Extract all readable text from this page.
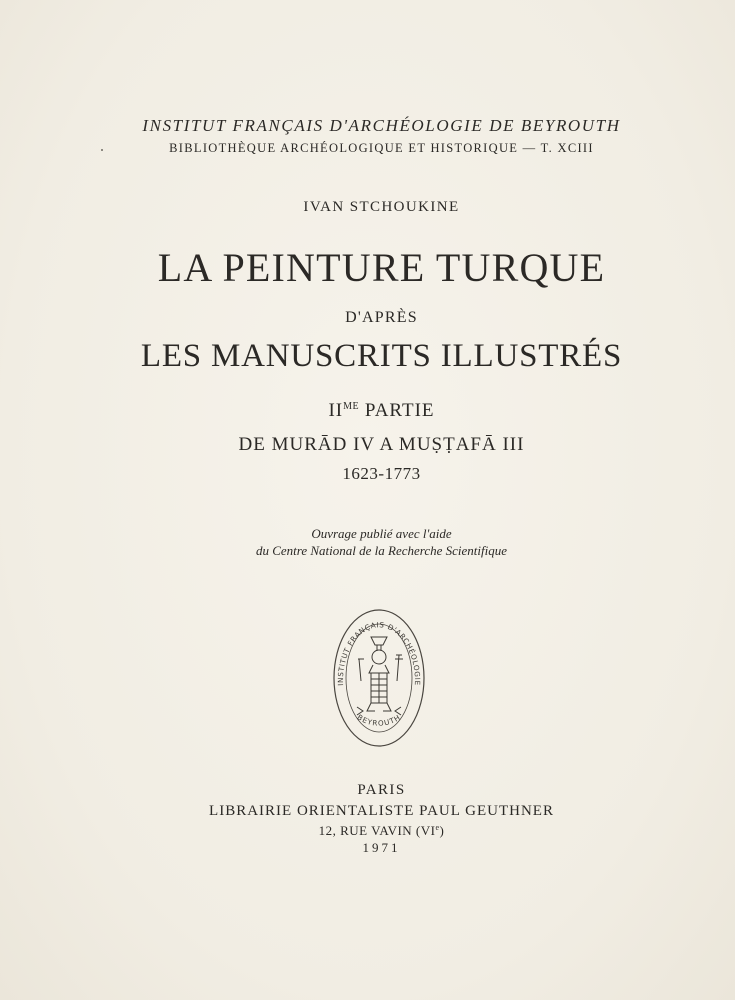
INSTITUT FRANÇAIS D'ARCHÉOLOGIE DE BEYROUTH
BIBLIOTHÈQUE ARCHÉOLOGIQUE ET HISTORIQUE — T. XCIII
IVAN STCHOUKINE
LA PEINTURE TURQUE
D'APRÈS
LES MANUSCRITS ILLUSTRÉS
$II^{ME}$ PARTIE
DE MURĀD IV A MUṢṬAFĀ III
1623-1773
Ouvrage publié avec l'aide
du Centre National de la Recherche Scientifique
INSTITUT FRANÇAIS D'ARCHÉOLOGIE
BEYROUTH
PARIS
LIBRAIRIE ORIENTALISTE PAUL GEUTHNER
12, RUE VAVIN (VIe)
1971
